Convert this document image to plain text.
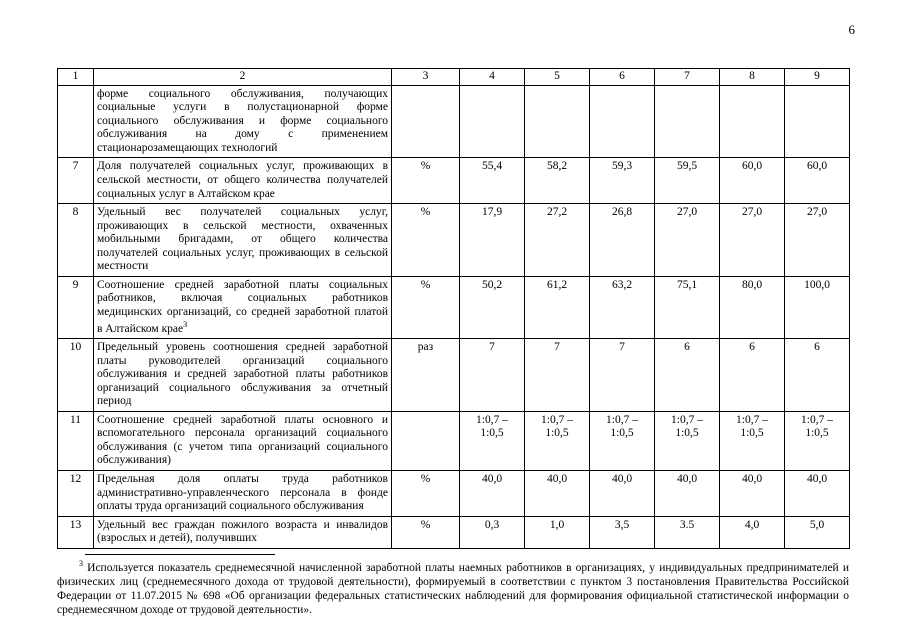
6
1	2	3	4	5	6	7	8	9
	форме социального обслуживания, получающих социальные услуги в полустационарной форме социального обслуживания и форме социального обслуживания на дому с применением стационарозамещающих технологий							
7	Доля получателей социальных услуг, проживающих в сельской местности, от общего количества получателей социальных услуг в Алтайском крае	%	55,4	58,2	59,3	59,5	60,0	60,0
8	Удельный вес получателей социальных услуг, проживающих в сельской местности, охваченных мобильными бригадами, от общего количества получателей социальных услуг, проживающих в сельской местности	%	17,9	27,2	26,8	27,0	27,0	27,0
9	Соотношение средней заработной платы социальных работников, включая социальных работников медицинских организаций, со средней заработной платой в Алтайском крае$^3$	%	50,2	61,2	63,2	75,1	80,0	100,0
10	Предельный уровень соотношения средней заработной платы руководителей организаций социального обслуживания и средней заработной платы работников организаций социального обслуживания за отчетный период	раз	7	7	7	6	6	6
11	Соотношение средней заработной платы основного и вспомогательного персонала организаций социального обслуживания (с учетом типа организаций социального обслуживания)		1:0,7 – 1:0,5	1:0,7 – 1:0,5	1:0,7 – 1:0,5	1:0,7 – 1:0,5	1:0,7 – 1:0,5	1:0,7 – 1:0,5
12	Предельная доля оплаты труда работников административно-управленческого персонала в фонде оплаты труда организаций социального обслуживания	%	40,0	40,0	40,0	40,0	40,0	40,0
13	Удельный вес граждан пожилого возраста и инвалидов (взрослых и детей), получивших	%	0,3	1,0	3,5	3.5	4,0	5,0
$^3$ Используется показатель среднемесячной начисленной заработной платы наемных работников в организациях, у индивидуальных предпринимателей и физических лиц (среднемесячного дохода от трудовой деятельности), формируемый в соответствии с пунктом 3 постановления Правительства Российской Федерации от 11.07.2015 № 698 «Об организации федеральных статистических наблюдений для формирования официальной статистической информации о среднемесячном доходе от трудовой деятельности».
